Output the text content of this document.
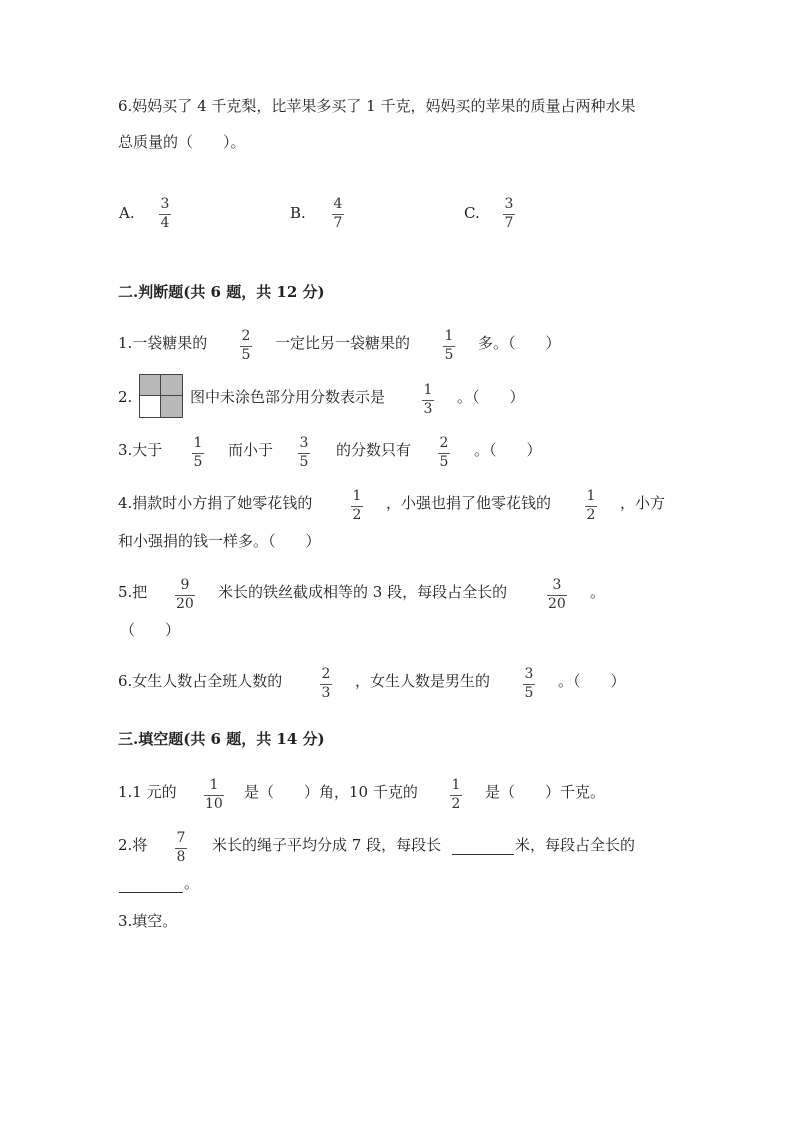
6.妈妈买了 4 千克梨，比苹果多买了 1 千克，妈妈买的苹果的质量占两种水果
总质量的（　　）。
A. 3
4
B. 4
7
C. 3
7
二.判断题(共 6 题，共 12 分)
1.一袋糖果的 2
5
一定比另一袋糖果的 1
5
多。（　　）
2.	图中未涂色部分用分数表示是	1
3
。（　　）
3.大于 1
5
而小于 3
5
的分数只有 2
5
。（　　）
4.捐款时小方捐了她零花钱的	1
2
，小强也捐了他零花钱的	1
2
，小方
和小强捐的钱一样多。（　　）
5.把 9
20
米长的铁丝截成相等的 3 段，每段占全长的	3
20
。
（　　）
6.女生人数占全班人数的	2
3
，女生人数是男生的 3
5
。（　　）
三.填空题(共 6 题，共 14 分)
1.1 元的 1
10
是（　　）角，10 千克的 1
2
是（　　）千克。
2.将 7
8
米长的绳子平均分成 7 段，每段长	米，每段占全长的
。
3.填空。
